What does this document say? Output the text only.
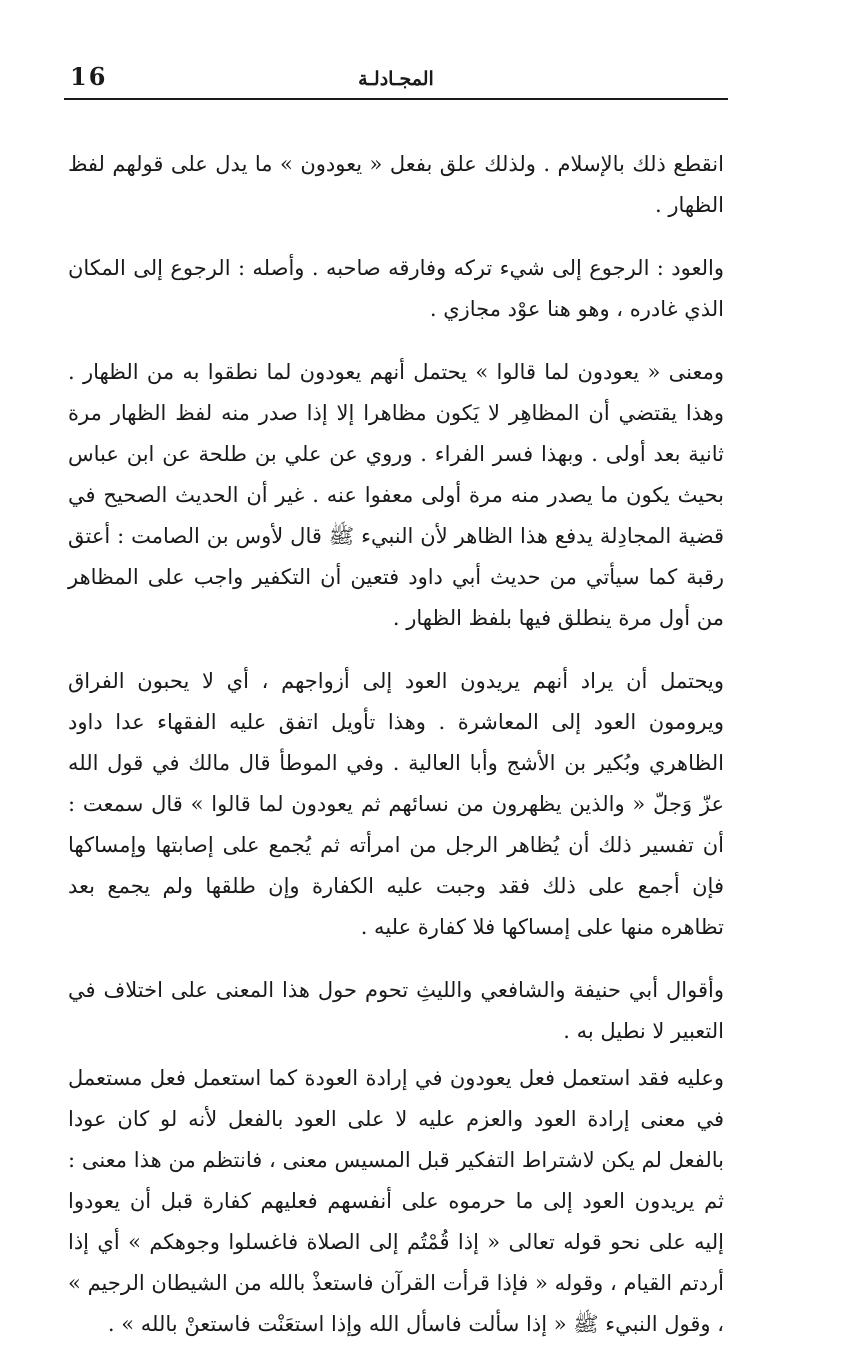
16	المجـادلـة

انقطع ذلك بالإسلام . ولذلك علق بفعل « يعودون » ما يدل على قولهم لفظ الظهار .

والعود : الرجوع إلى شيء تركه وفارقه صاحبه . وأصله : الرجوع إلى المكان الذي غادره ، وهو هنا عوْد مجازي .

ومعنى « يعودون لما قالوا » يحتمل أنهم يعودون لما نطقوا به من الظهار . وهذا يقتضي أن المظاهِر لا يَكون مظاهرا إلا إذا صدر منه لفظ الظهار مرة ثانية بعد أولى . وبهذا فسر الفراء . وروي عن علي بن طلحة عن ابن عباس بحيث يكون ما يصدر منه مرة أولى معفوا عنه . غير أن الحديث الصحيح في قضية المجادِلة يدفع هذا الظاهر لأن النبيء ﷺ قال لأوس بن الصامت : أعتق رقبة كما سيأتي من حديث أبي داود فتعين أن التكفير واجب على المظاهر من أول مرة ينطلق فيها بلفظ الظهار .

ويحتمل أن يراد أنهم يريدون العود إلى أزواجهم ، أي لا يحبون الفراق ويرومون العود إلى المعاشرة . وهذا تأويل اتفق عليه الفقهاء عدا داود الظاهري وبُكير بن الأشج وأبا العالية . وفي الموطأ قال مالك في قول الله عزّ وَجلّ « والذين يظهرون من نسائهم ثم يعودون لما قالوا » قال سمعت : أن تفسير ذلك أن يُظاهر الرجل من امرأته ثم يُجمع على إصابتها وإمساكها فإن أجمع على ذلك فقد وجبت عليه الكفارة وإن طلقها ولم يجمع بعد تظاهره منها على إمساكها فلا كفارة عليه .

وأقوال أبي حنيفة والشافعي والليثِ تحوم حول هذا المعنى على اختلاف في التعبير لا نطيل به .

وعليه فقد استعمل فعل يعودون في إرادة العودة كما استعمل فعل مستعمل في معنى إرادة العود والعزم عليه لا على العود بالفعل لأنه لو كان عودا بالفعل لم يكن لاشتراط التفكير قبل المسيس معنى ، فانتظم من هذا معنى : ثم يريدون العود إلى ما حرموه على أنفسهم فعليهم كفارة قبل أن يعودوا إليه على نحو قوله تعالى « إذا قُمْتُم إلى الصلاة فاغسلوا وجوهكم » أي إذا أردتم القيام ، وقوله « فإذا قرأت القرآن فاستعذْ بالله من الشيطان الرجيم » ، وقول النبيء ﷺ « إذا سألت فاسأل الله وإذا استعَنْت فاستعنْ بالله » .
